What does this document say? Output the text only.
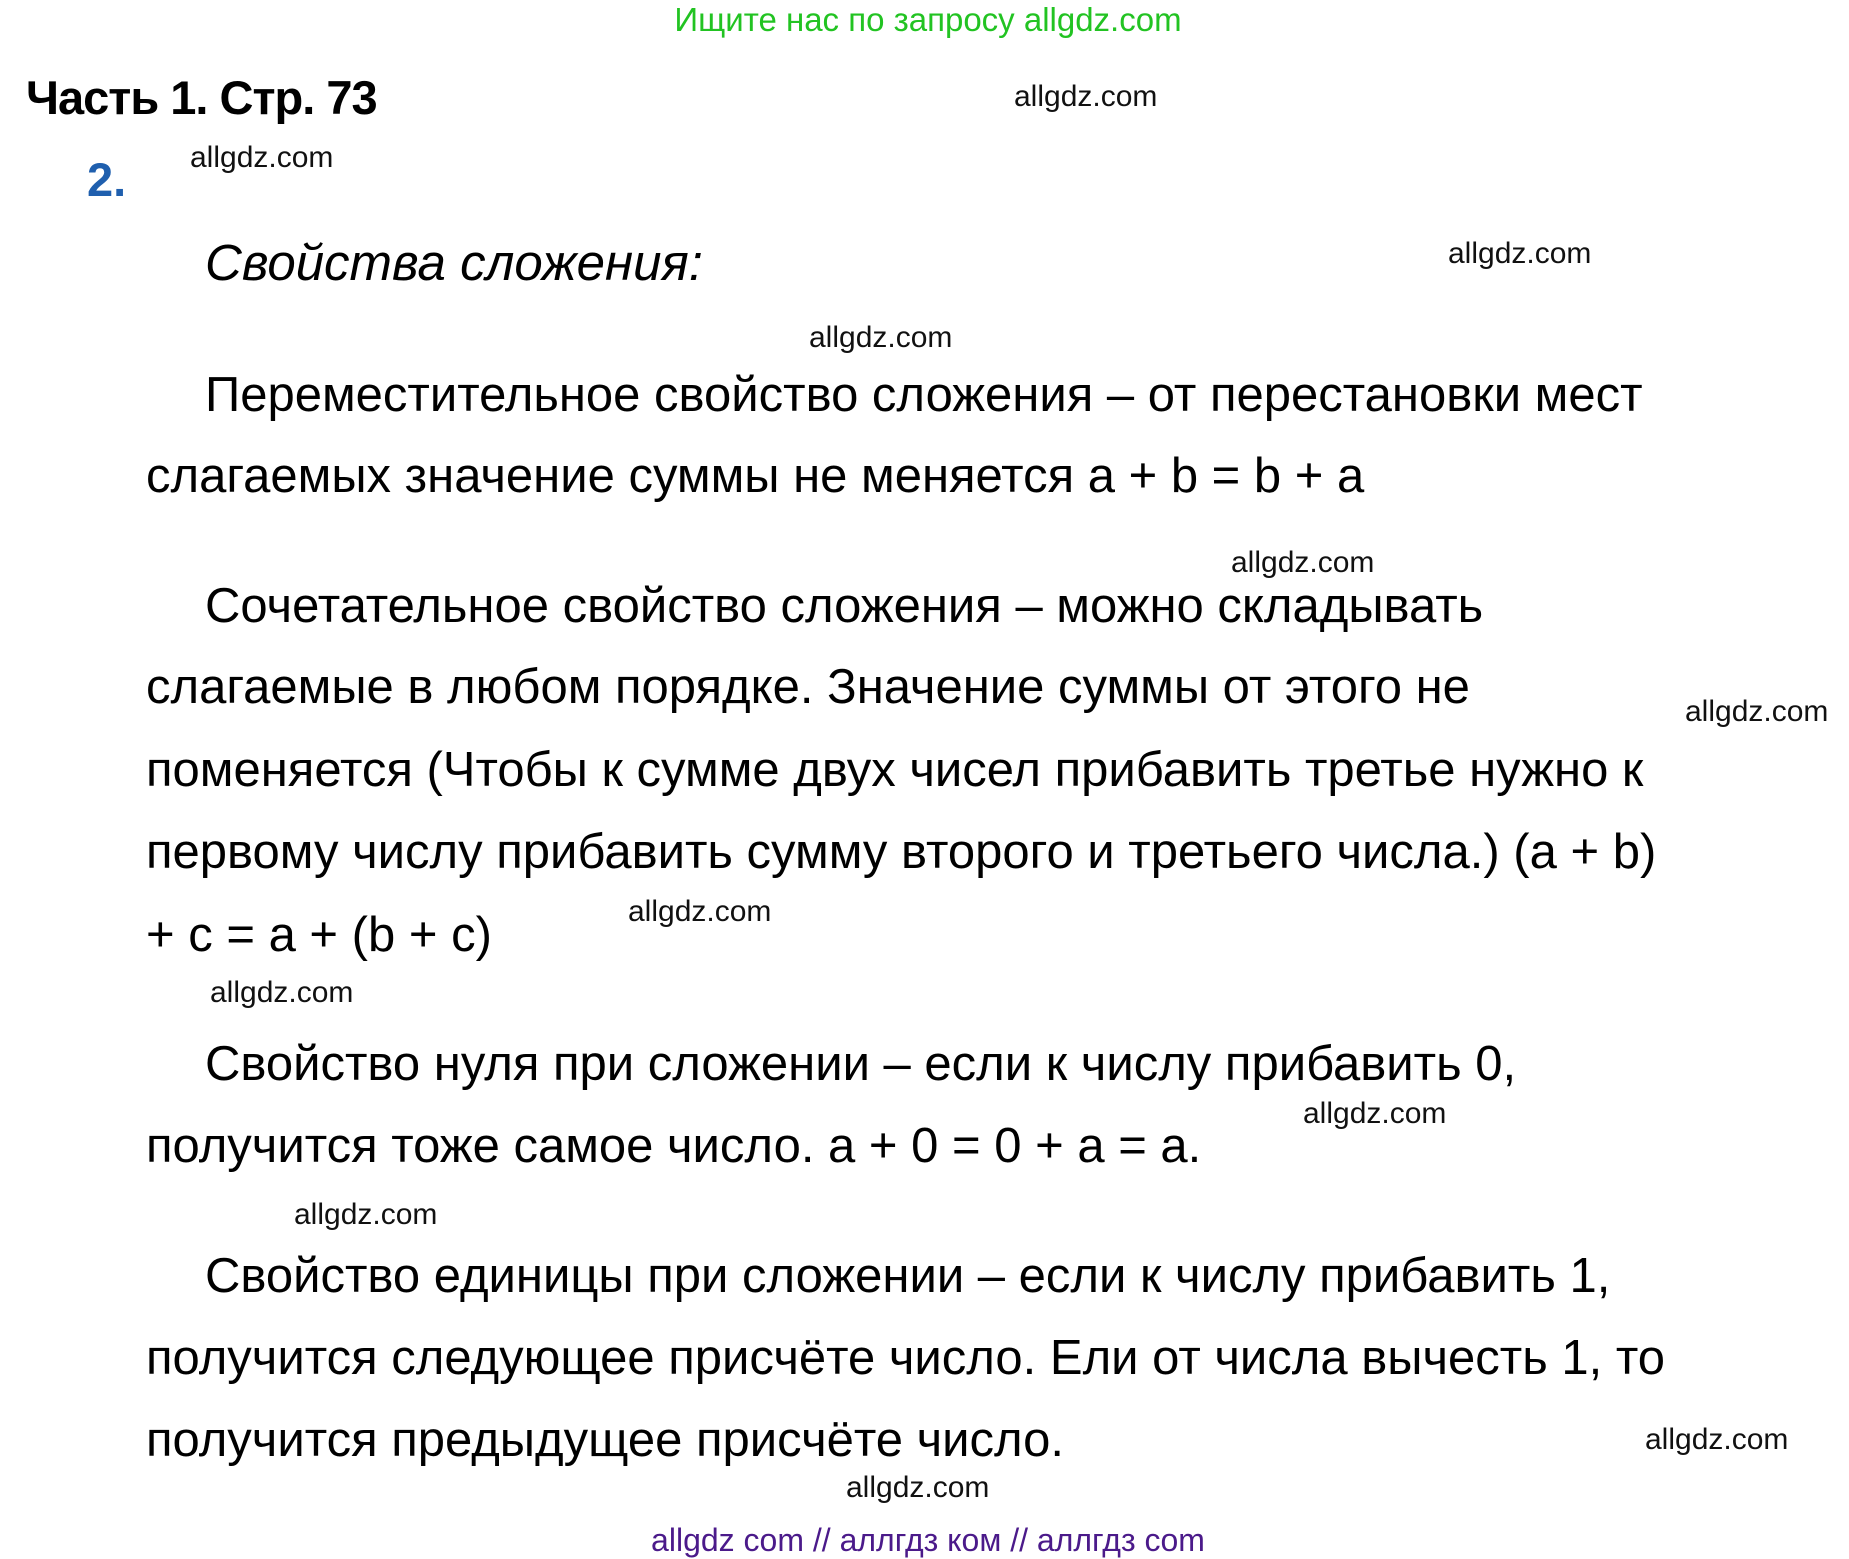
Ищите нас по запросу allgdz.com
Часть 1. Стр. 73
2.
Свойства сложения:
Переместительное свойство сложения – от перестановки мест
слагаемых значение суммы не меняется a + b = b + a
Сочетательное свойство сложения – можно складывать
слагаемые в любом порядке. Значение суммы от этого не
поменяется (Чтобы к сумме двух чисел прибавить третье нужно к
первому числу прибавить сумму второго и третьего числа.) (a + b)
+ c = a + (b + c)
Свойство нуля при сложении – если к числу прибавить 0,
получится тоже самое число. a + 0 = 0 + a = a.
Свойство единицы при сложении – если к числу прибавить 1,
получится следующее присчёте число. Ели от числа вычесть 1, то
получится предыдущее присчёте число.
allgdz.com
allgdz.com
allgdz.com
allgdz.com
allgdz.com
allgdz.com
allgdz.com
allgdz.com
allgdz.com
allgdz.com
allgdz.com
allgdz.com
allgdz com // аллгдз ком // аллгдз com
